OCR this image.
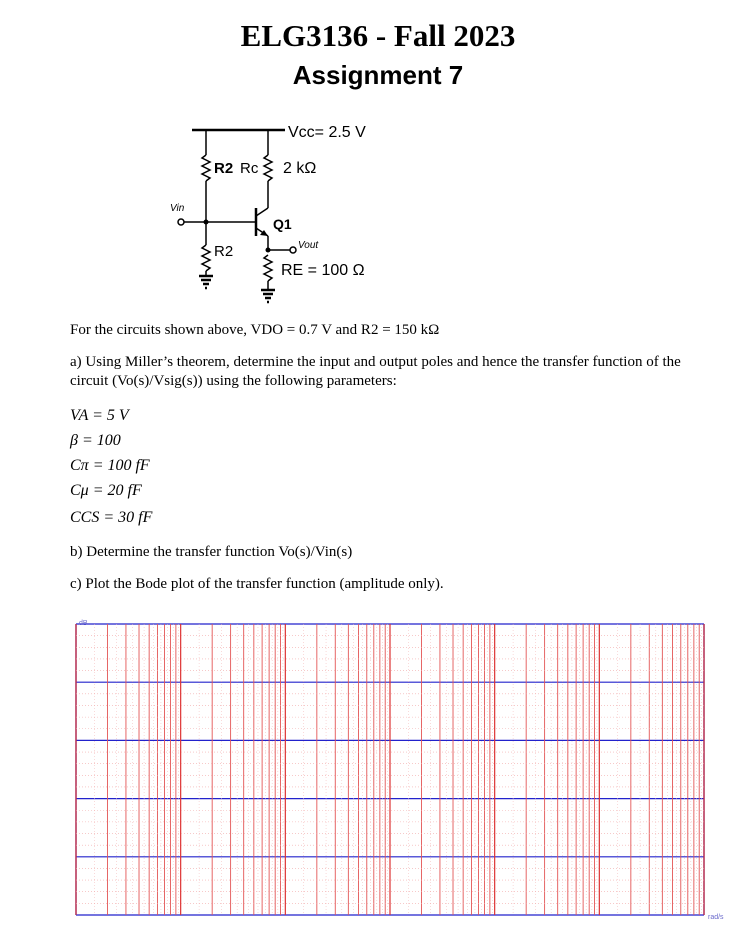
ELG3136 - Fall 2023
Assignment 7
Vcc= 2.5 V
R2 Rc 2 kΩ
Vin
Q1
R2	Vout
RE = 100 Ω
For the circuits shown above, VDO = 0.7 V and R2 = 150 kΩ
a) Using Miller’s theorem, determine the input and output poles and hence the transfer function of the circuit (Vo(s)/Vsig(s)) using the following parameters:
VA = 5 V
β = 100
Cπ = 100 fF
Cμ = 20 fF
CCS = 30 fF
b) Determine the transfer function Vo(s)/Vin(s)
c) Plot the Bode plot of the transfer function (amplitude only).
dB
rad/s
